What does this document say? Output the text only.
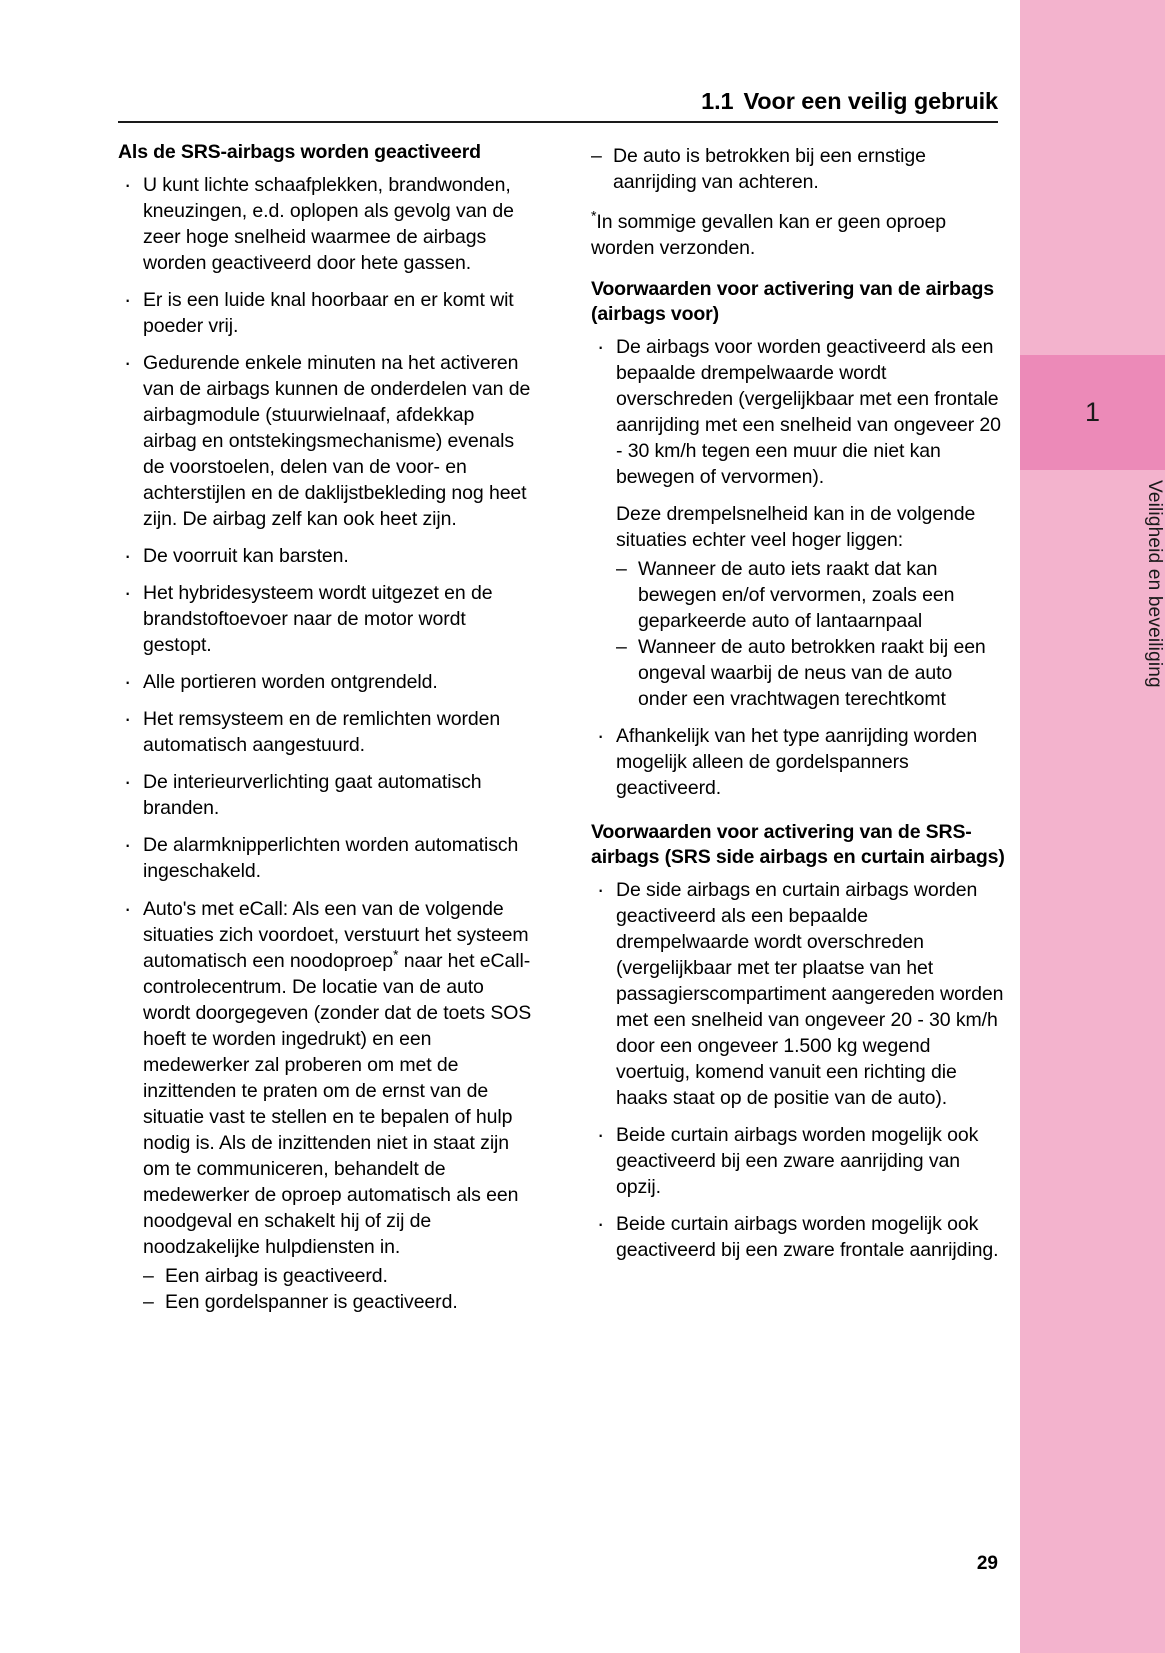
1
Veiligheid en beveiliging
1.1 Voor een veilig gebruik
Als de SRS-airbags worden geactiveerd
· U kunt lichte schaafplekken, brandwonden, kneuzingen, e.d. oplopen als gevolg van de zeer hoge snelheid waarmee de airbags worden geactiveerd door hete gassen.
· Er is een luide knal hoorbaar en er komt wit poeder vrij.
· Gedurende enkele minuten na het activeren van de airbags kunnen de onderdelen van de airbagmodule (stuurwielnaaf, afdekkap airbag en ontstekingsmechanisme) evenals de voorstoelen, delen van de voor- en achterstijlen en de daklijstbekleding nog heet zijn. De airbag zelf kan ook heet zijn.
· De voorruit kan barsten.
· Het hybridesysteem wordt uitgezet en de brandstoftoevoer naar de motor wordt gestopt.
· Alle portieren worden ontgrendeld.
· Het remsysteem en de remlichten worden automatisch aangestuurd.
· De interieurverlichting gaat automatisch branden.
· De alarmknipperlichten worden automatisch ingeschakeld.
· Auto's met eCall: Als een van de volgende situaties zich voordoet, verstuurt het systeem automatisch een noodoproep* naar het eCall-controlecentrum. De locatie van de auto wordt doorgegeven (zonder dat de toets SOS hoeft te worden ingedrukt) en een medewerker zal proberen om met de inzittenden te praten om de ernst van de situatie vast te stellen en te bepalen of hulp nodig is. Als de inzittenden niet in staat zijn om te communiceren, behandelt de medewerker de oproep automatisch als een noodgeval en schakelt hij of zij de noodzakelijke hulpdiensten in.
– Een airbag is geactiveerd.
– Een gordelspanner is geactiveerd.
– De auto is betrokken bij een ernstige aanrijding van achteren.

*In sommige gevallen kan er geen oproep worden verzonden.

Voorwaarden voor activering van de airbags (airbags voor)
· De airbags voor worden geactiveerd als een bepaalde drempelwaarde wordt overschreden (vergelijkbaar met een frontale aanrijding met een snelheid van ongeveer 20 - 30 km/h tegen een muur die niet kan bewegen of vervormen).
Deze drempelsnelheid kan in de volgende situaties echter veel hoger liggen:
– Wanneer de auto iets raakt dat kan bewegen en/of vervormen, zoals een geparkeerde auto of lantaarnpaal
– Wanneer de auto betrokken raakt bij een ongeval waarbij de neus van de auto onder een vrachtwagen terechtkomt
· Afhankelijk van het type aanrijding worden mogelijk alleen de gordelspanners geactiveerd.
Voorwaarden voor activering van de SRS-airbags (SRS side airbags en curtain airbags)
· De side airbags en curtain airbags worden geactiveerd als een bepaalde drempelwaarde wordt overschreden (vergelijkbaar met ter plaatse van het passagierscompartiment aangereden worden met een snelheid van ongeveer 20 - 30 km/h door een ongeveer 1.500 kg wegend voertuig, komend vanuit een richting die haaks staat op de positie van de auto).
· Beide curtain airbags worden mogelijk ook geactiveerd bij een zware aanrijding van opzij.
· Beide curtain airbags worden mogelijk ook geactiveerd bij een zware frontale aanrijding.
29
